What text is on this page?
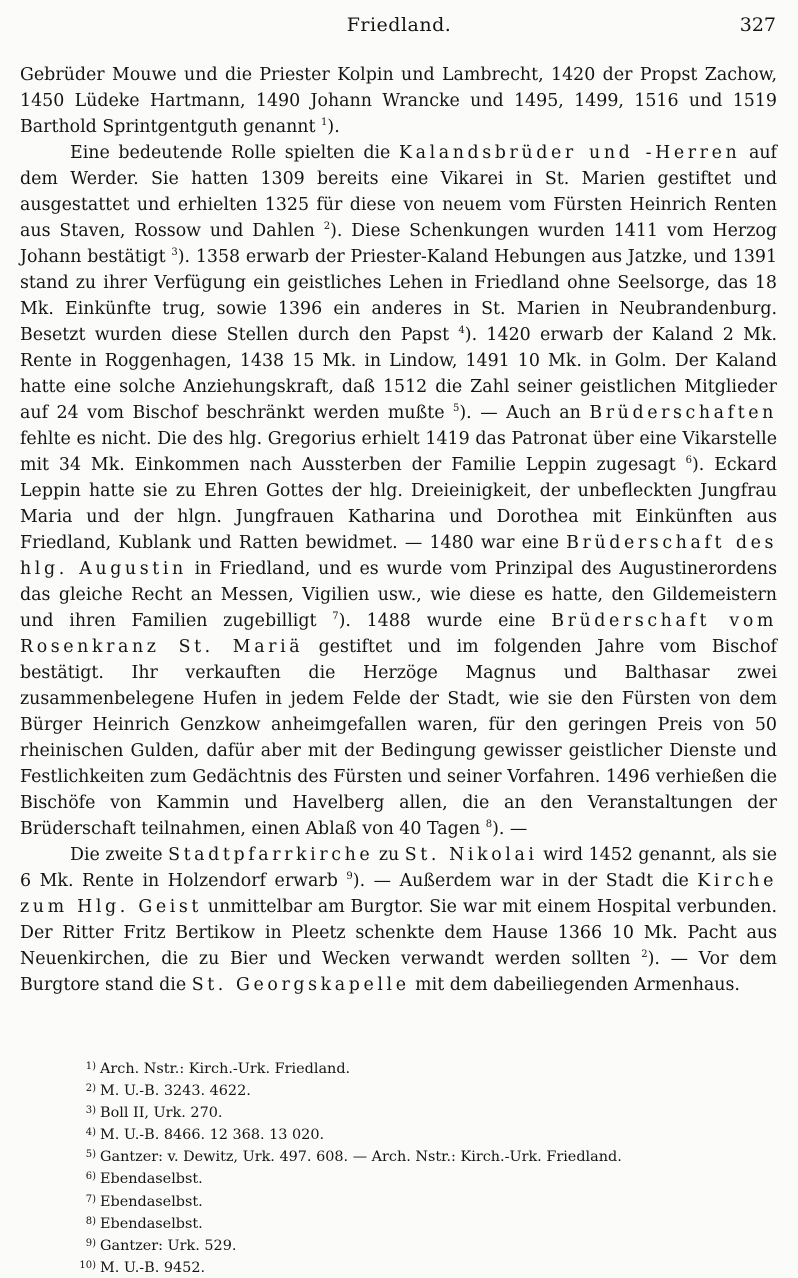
Friedland.	327

Gebrüder Mouwe und die Priester Kolpin und Lambrecht, 1420 der Propst Zachow, 1450 Lüdeke Hartmann, 1490 Johann Wrancke und 1495, 1499, 1516 und 1519 Barthold Sprintgentguth genannt $^1$).

Eine bedeutende Rolle spielten die Kalandsbrüder und -Herren auf dem Werder. Sie hatten 1309 bereits eine Vikarei in St. Marien gestiftet und ausgestattet und erhielten 1325 für diese von neuem vom Fürsten Heinrich Renten aus Staven, Rossow und Dahlen $^2$). Diese Schenkungen wurden 1411 vom Herzog Johann bestätigt $^3$). 1358 erwarb der Priester-Kaland Hebungen aus Jatzke, und 1391 stand zu ihrer Verfügung ein geistliches Lehen in Friedland ohne Seelsorge, das 18 Mk. Einkünfte trug, sowie 1396 ein anderes in St. Marien in Neubrandenburg. Besetzt wurden diese Stellen durch den Papst $^4$). 1420 erwarb der Kaland 2 Mk. Rente in Roggenhagen, 1438 15 Mk. in Lindow, 1491 10 Mk. in Golm. Der Kaland hatte eine solche Anziehungskraft, daß 1512 die Zahl seiner geistlichen Mitglieder auf 24 vom Bischof beschränkt werden mußte $^5$). — Auch an Brüderschaften fehlte es nicht. Die des hlg. Gregorius erhielt 1419 das Patronat über eine Vikarstelle mit 34 Mk. Einkommen nach Aussterben der Familie Leppin zugesagt $^6$). Eckard Leppin hatte sie zu Ehren Gottes der hlg. Dreieinigkeit, der unbefleckten Jungfrau Maria und der hlgn. Jungfrauen Katharina und Dorothea mit Einkünften aus Friedland, Kublank und Ratten bewidmet. — 1480 war eine Brüderschaft des hlg. Augustin in Friedland, und es wurde vom Prinzipal des Augustinerordens das gleiche Recht an Messen, Vigilien usw., wie diese es hatte, den Gildemeistern und ihren Familien zugebilligt $^7$). 1488 wurde eine Brüderschaft vom Rosenkranz St. Mariä gestiftet und im folgenden Jahre vom Bischof bestätigt. Ihr verkauften die Herzöge Magnus und Balthasar zwei zusammenbelegene Hufen in jedem Felde der Stadt, wie sie den Fürsten von dem Bürger Heinrich Genzkow anheimgefallen waren, für den geringen Preis von 50 rheinischen Gulden, dafür aber mit der Bedingung gewisser geistlicher Dienste und Festlichkeiten zum Gedächtnis des Fürsten und seiner Vorfahren. 1496 verhießen die Bischöfe von Kammin und Havelberg allen, die an den Veranstaltungen der Brüderschaft teilnahmen, einen Ablaß von 40 Tagen $^8$). —

Die zweite Stadtpfarrkirche zu St. Nikolai wird 1452 genannt, als sie 6 Mk. Rente in Holzendorf erwarb $^9$). — Außerdem war in der Stadt die Kirche zum Hlg. Geist unmittelbar am Burgtor. Sie war mit einem Hospital verbunden. Der Ritter Fritz Bertikow in Pleetz schenkte dem Hause 1366 10 Mk. Pacht aus Neuenkirchen, die zu Bier und Wecken verwandt werden sollten $^2$). — Vor dem Burgtore stand die St. Georgskapelle mit dem dabeiliegenden Armenhaus.

1) Arch. Nstr.: Kirch.-Urk. Friedland.
2) M. U.-B. 3243. 4622.
3) Boll II, Urk. 270.
4) M. U.-B. 8466. 12 368. 13 020.
5) Gantzer: v. Dewitz, Urk. 497. 608. — Arch. Nstr.: Kirch.-Urk. Friedland.
6) Ebendaselbst.
7) Ebendaselbst.
8) Ebendaselbst.
9) Gantzer: Urk. 529.
10) M. U.-B. 9452.
